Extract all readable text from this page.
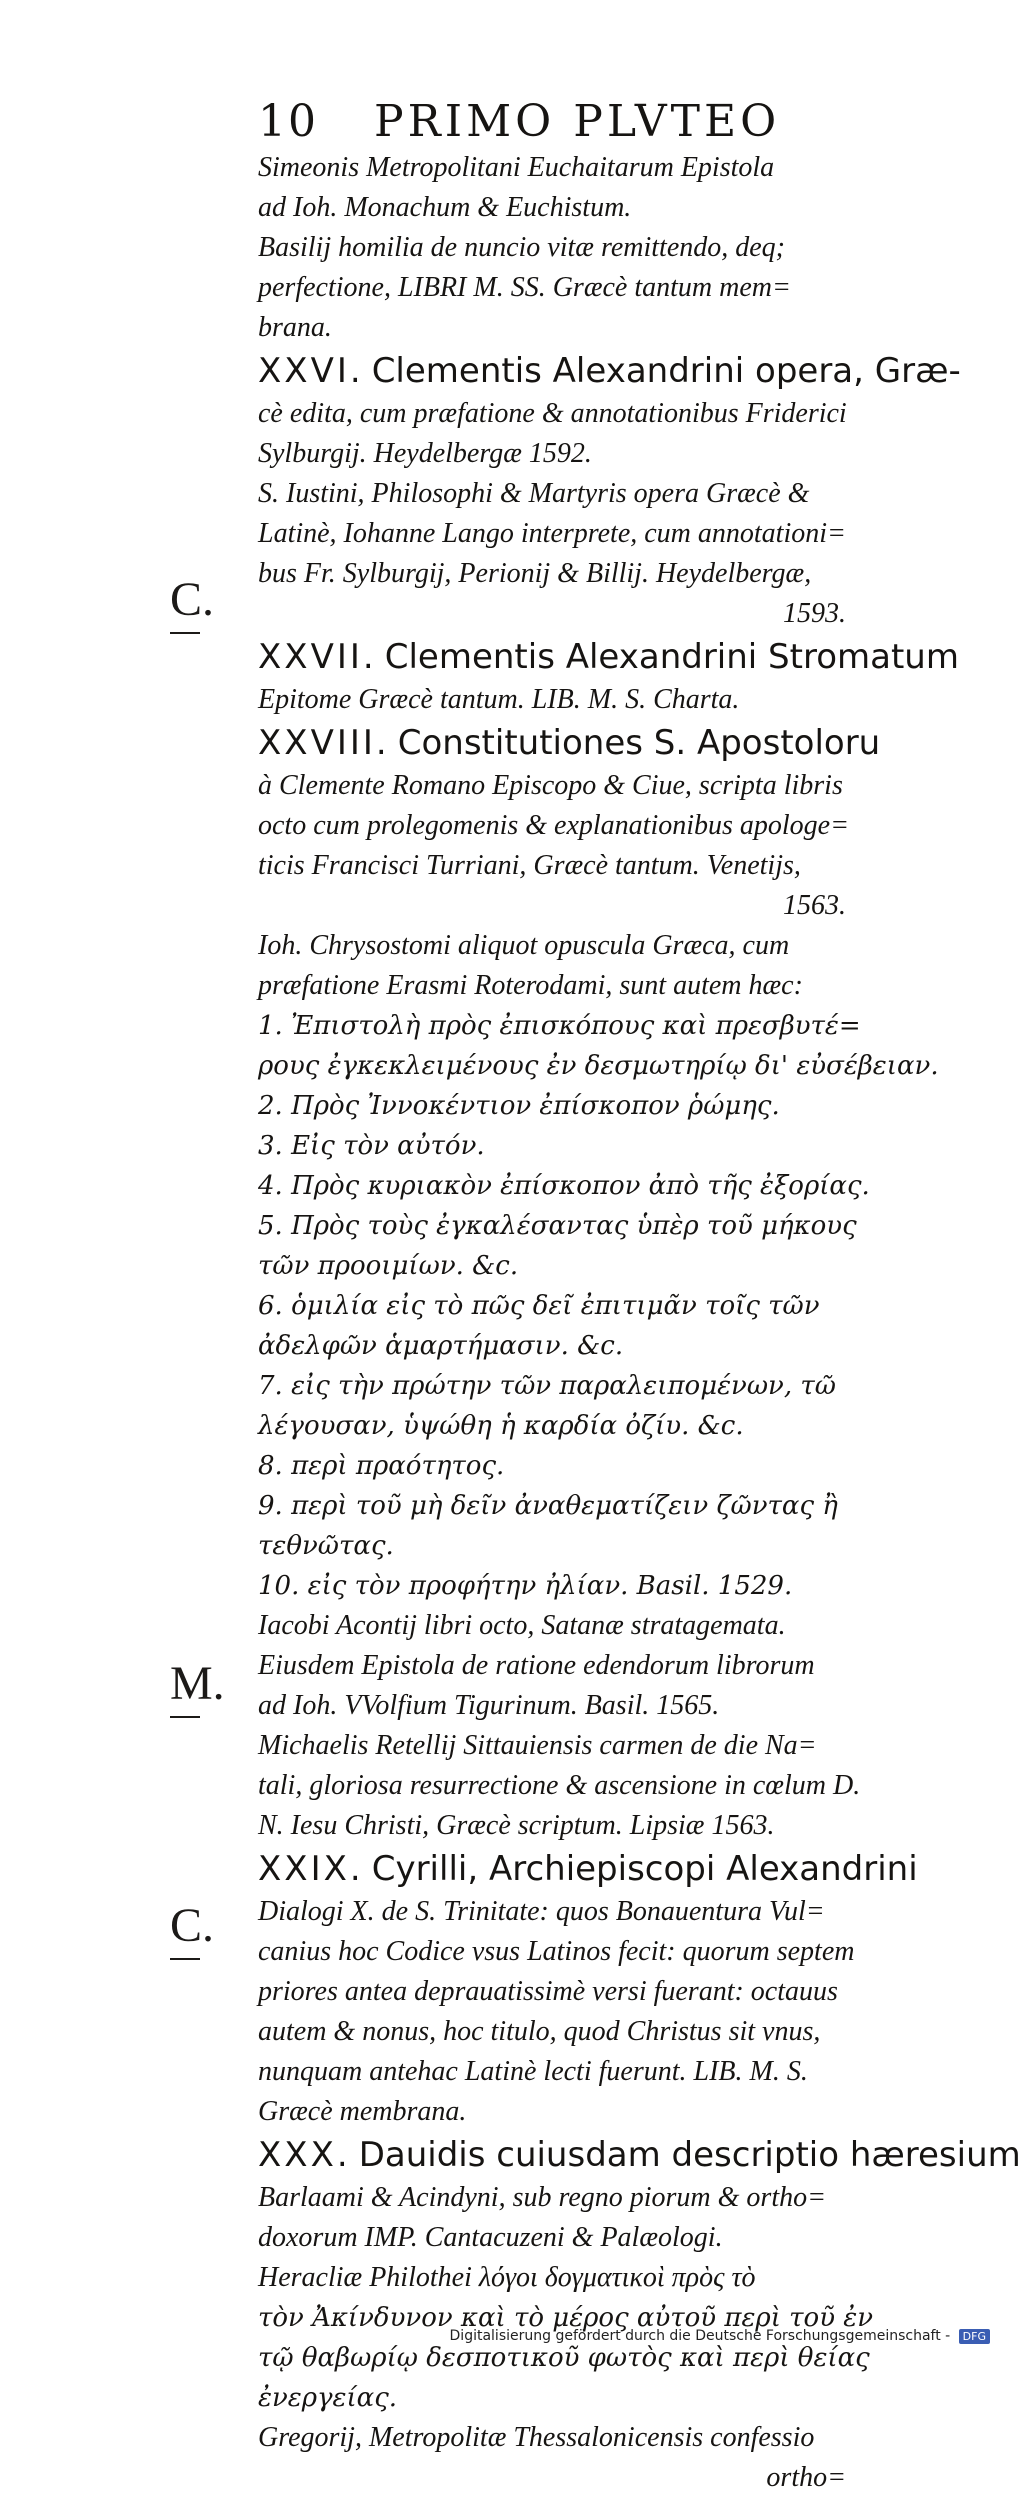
10 PRIMO PLVTEO
C.
M.
C.
Simeonis Metropolitani Euchaitarum Epistola
ad Ioh. Monachum & Euchistum.
Basilij homilia de nuncio vitæ remittendo, deq;
perfectione, LIBRI M. SS. Græcè tantum mem=
brana.
XXVI. Clementis Alexandrini opera, Græ-
cè edita, cum præfatione & annotationibus Friderici
Sylburgij. Heydelbergæ 1592.
S. Iustini, Philosophi & Martyris opera Græcè &
Latinè, Iohanne Lango interprete, cum annotationi=
bus Fr. Sylburgij, Perionij & Billij. Heydelbergæ,
1593.
XXVII. Clementis Alexandrini Stromatum
Epitome Græcè tantum. LIB. M. S. Charta.
XXVIII. Constitutiones S. Apostoloru
à Clemente Romano Episcopo & Ciue, scripta libris
octo cum prolegomenis & explanationibus apologe=
ticis Francisci Turriani, Græcè tantum. Venetijs,
1563.
Ioh. Chrysostomi aliquot opuscula Græca, cum
præfatione Erasmi Roterodami, sunt autem hæc:
1. Ἐπιστολὴ πρὸς ἐπισκόπους καὶ πρεσβυτέ=
ρους ἐγκεκλειμένους ἐν δεσμωτηρίῳ δι' εὐσέβειαν.
2. Πρὸς Ἰννοκέντιον ἐπίσκοπον ῥώμης.
3. Εἰς τὸν αὐτόν.
4. Πρὸς κυριακὸν ἐπίσκοπον ἀπὸ τῆς ἐξορίας.
5. Πρὸς τοὺς ἐγκαλέσαντας ὑπὲρ τοῦ μήκους
τῶν προοιμίων. &c.
6. ὁμιλία εἰς τὸ πῶς δεῖ ἐπιτιμᾶν τοῖς τῶν
ἀδελφῶν ἁμαρτήμασιν. &c.
7. εἰς τὴν πρώτην τῶν παραλειπομένων, τῶ
λέγουσαν, ὑψώθη ἡ καρδία ὀζίυ. &c.
8. περὶ πραότητος.
9. περὶ τοῦ μὴ δεῖν ἀναθεματίζειν ζῶντας ἢ
τεθνῶτας.
10. εἰς τὸν προφήτην ἠλίαν. Basil. 1529.
Iacobi Acontij libri octo, Satanæ stratagemata.
Eiusdem Epistola de ratione edendorum librorum
ad Ioh. VVolfium Tigurinum. Basil. 1565.
Michaelis Retellij Sittauiensis carmen de die Na=
tali, gloriosa resurrectione & ascensione in cœlum D.
N. Iesu Christi, Græcè scriptum. Lipsiæ 1563.
XXIX. Cyrilli, Archiepiscopi Alexandrini
Dialogi X. de S. Trinitate: quos Bonauentura Vul=
canius hoc Codice vsus Latinos fecit: quorum septem
priores antea deprauatissimè versi fuerant: octauus
autem & nonus, hoc titulo, quod Christus sit vnus,
nunquam antehac Latinè lecti fuerunt. LIB. M. S.
Græcè membrana.
XXX. Dauidis cuiusdam descriptio hæresium
Barlaami & Acindyni, sub regno piorum & ortho=
doxorum IMP. Cantacuzeni & Palæologi.
Heracliæ Philothei λόγοι δογματικοὶ πρὸς τὸ
τὸν Ἀκίνδυνον καὶ τὸ μέρος αὐτοῦ περὶ τοῦ ἐν
τῷ θαβωρίῳ δεσποτικοῦ φωτὸς καὶ περὶ θείας
ἐνεργείας.
Gregorij, Metropolitæ Thessalonicensis confessio
ortho=
Digitalisierung gefördert durch die Deutsche Forschungsgemeinschaft - DFG
